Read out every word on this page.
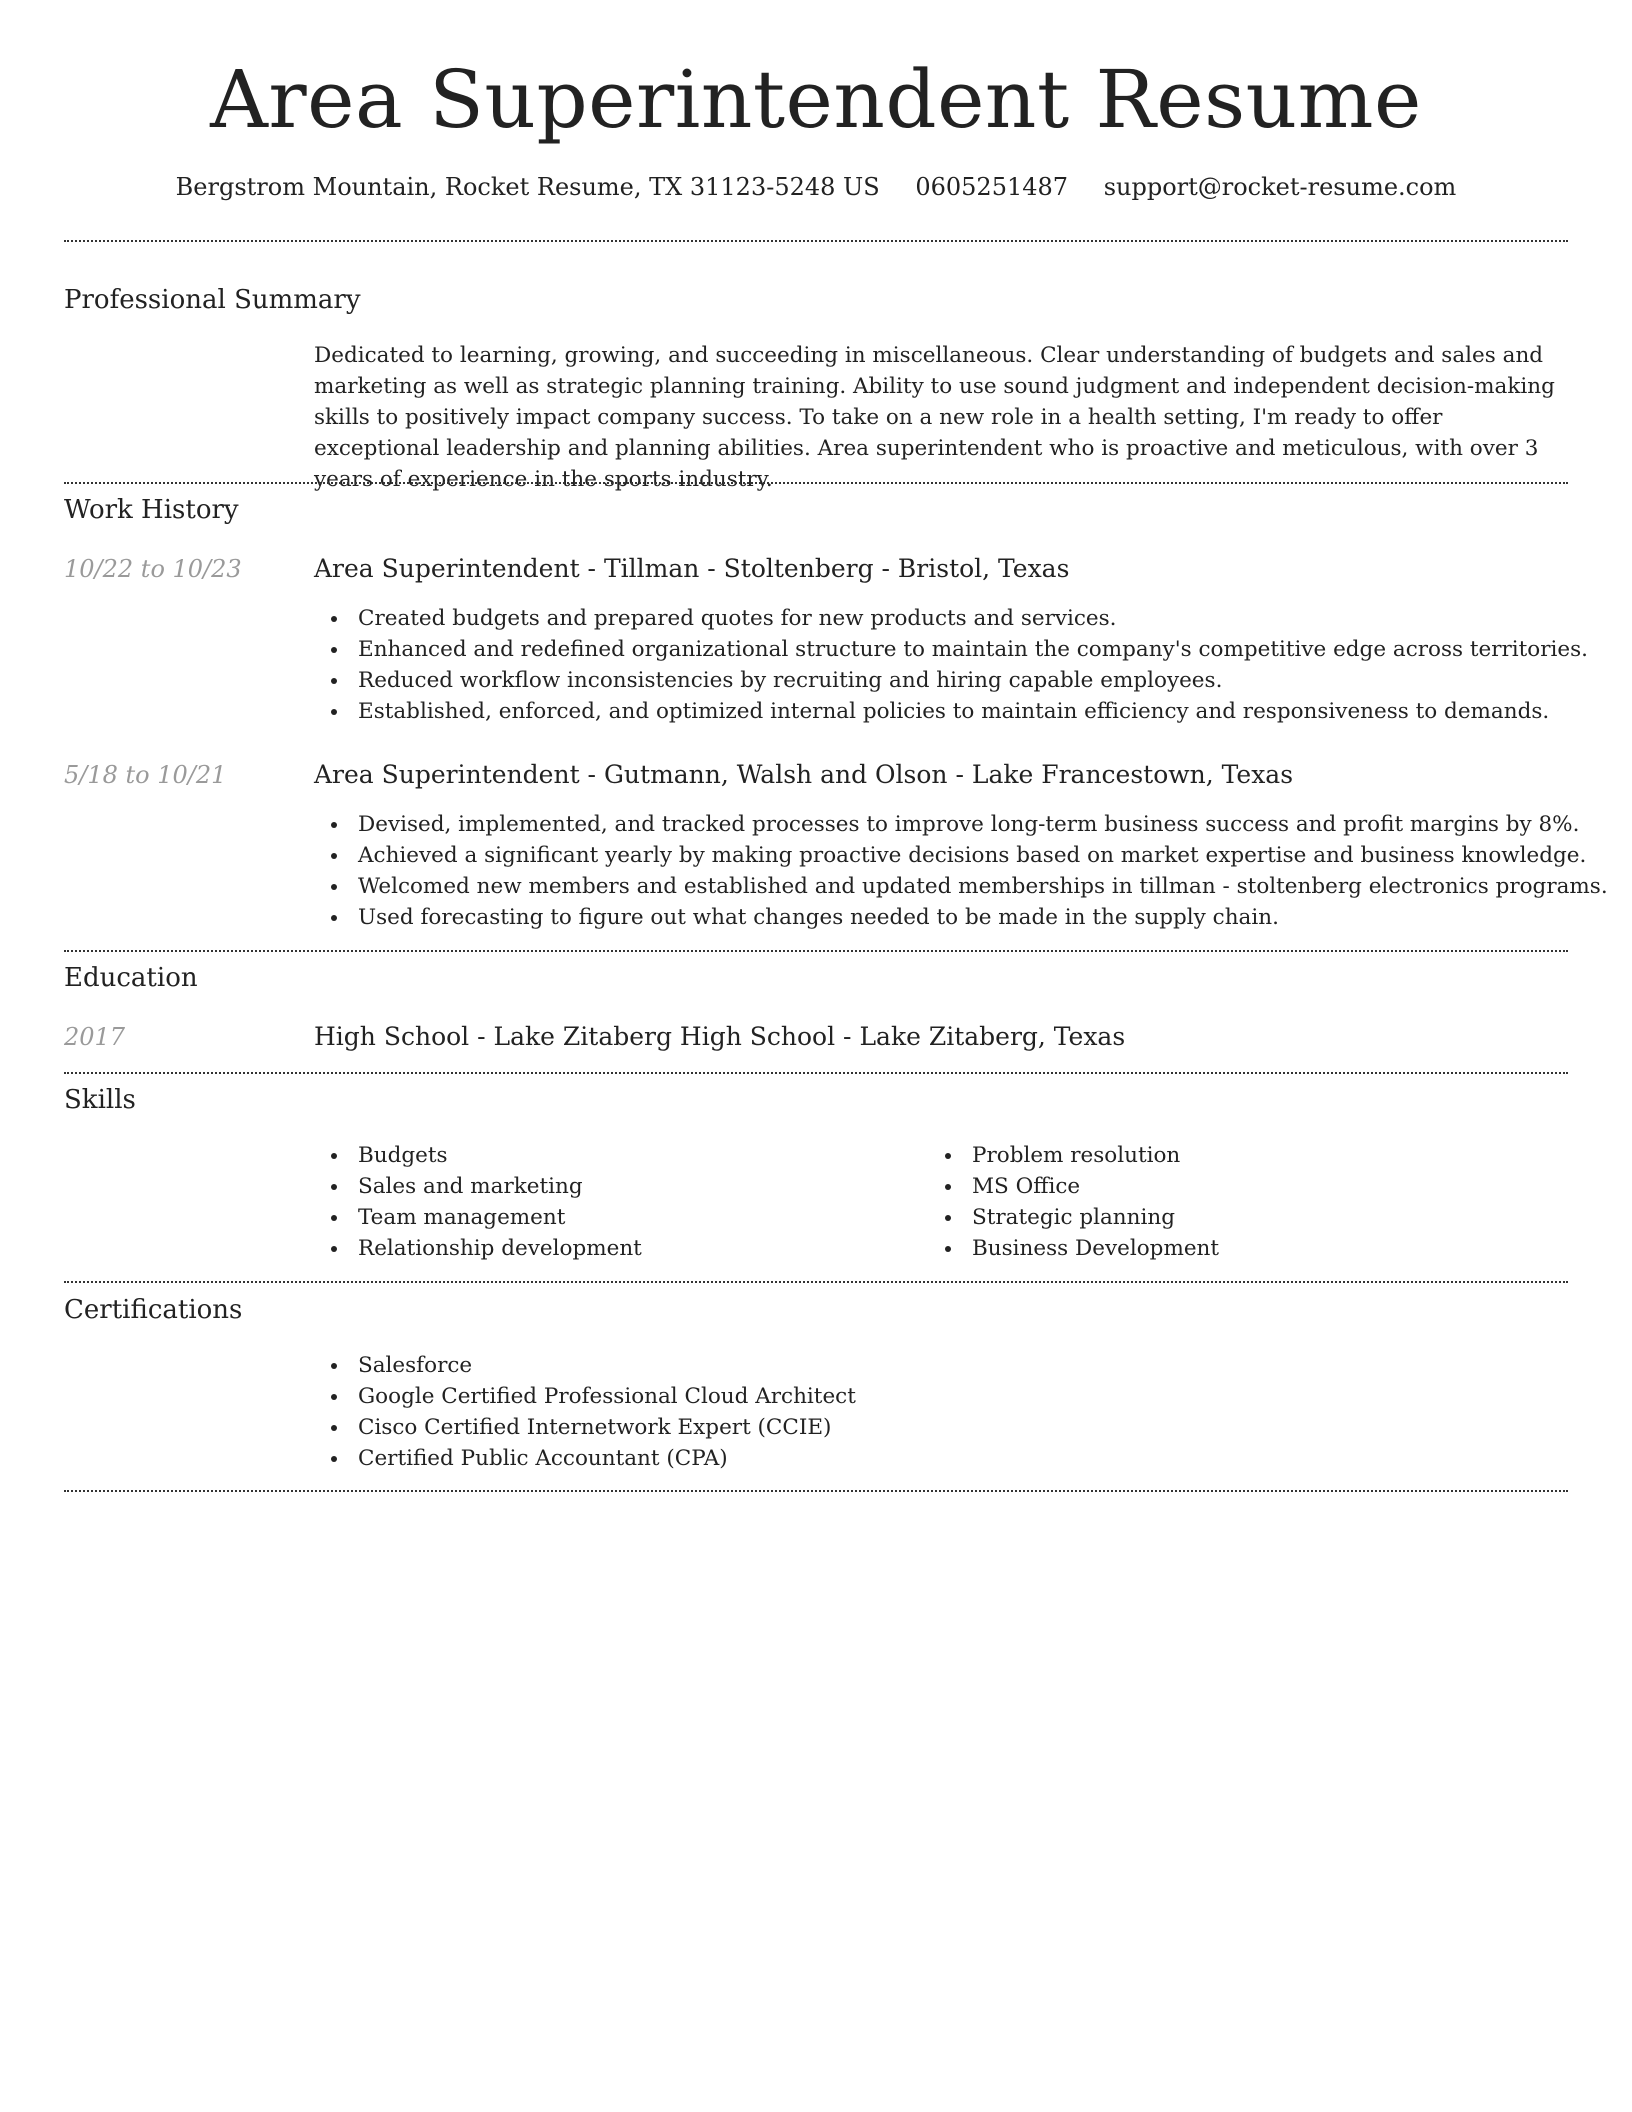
Area Superintendent Resume
Bergstrom Mountain, Rocket Resume, TX 31123-5248 US 0605251487 support@rocket-resume.com
Professional Summary

Dedicated to learning, growing, and succeeding in miscellaneous. Clear understanding of budgets and sales and marketing as well as strategic planning training. Ability to use sound judgment and independent decision-making skills to positively impact company success. To take on a new role in a health setting, I'm ready to offer exceptional leadership and planning abilities. Area superintendent who is proactive and meticulous, with over 3 years of experience in the sports industry.

Work History
10/22 to 10/23	Area Superintendent - Tillman - Stoltenberg - Bristol, Texas
Created budgets and prepared quotes for new products and services.
Enhanced and redefined organizational structure to maintain the company's competitive edge across territories.
Reduced workflow inconsistencies by recruiting and hiring capable employees.
Established, enforced, and optimized internal policies to maintain efficiency and responsiveness to demands.
5/18 to 10/21	Area Superintendent - Gutmann, Walsh and Olson - Lake Francestown, Texas
Devised, implemented, and tracked processes to improve long-term business success and profit margins by 8%.
Achieved a significant yearly by making proactive decisions based on market expertise and business knowledge.
Welcomed new members and established and updated memberships in tillman - stoltenberg electronics programs.
Used forecasting to figure out what changes needed to be made in the supply chain.
Education
2017	High School - Lake Zitaberg High School - Lake Zitaberg, Texas
Skills
Budgets
Sales and marketing
Team management
Relationship development
Problem resolution
MS Office
Strategic planning
Business Development
Certifications
Salesforce
Google Certified Professional Cloud Architect
Cisco Certified Internetwork Expert (CCIE)
Certified Public Accountant (CPA)
